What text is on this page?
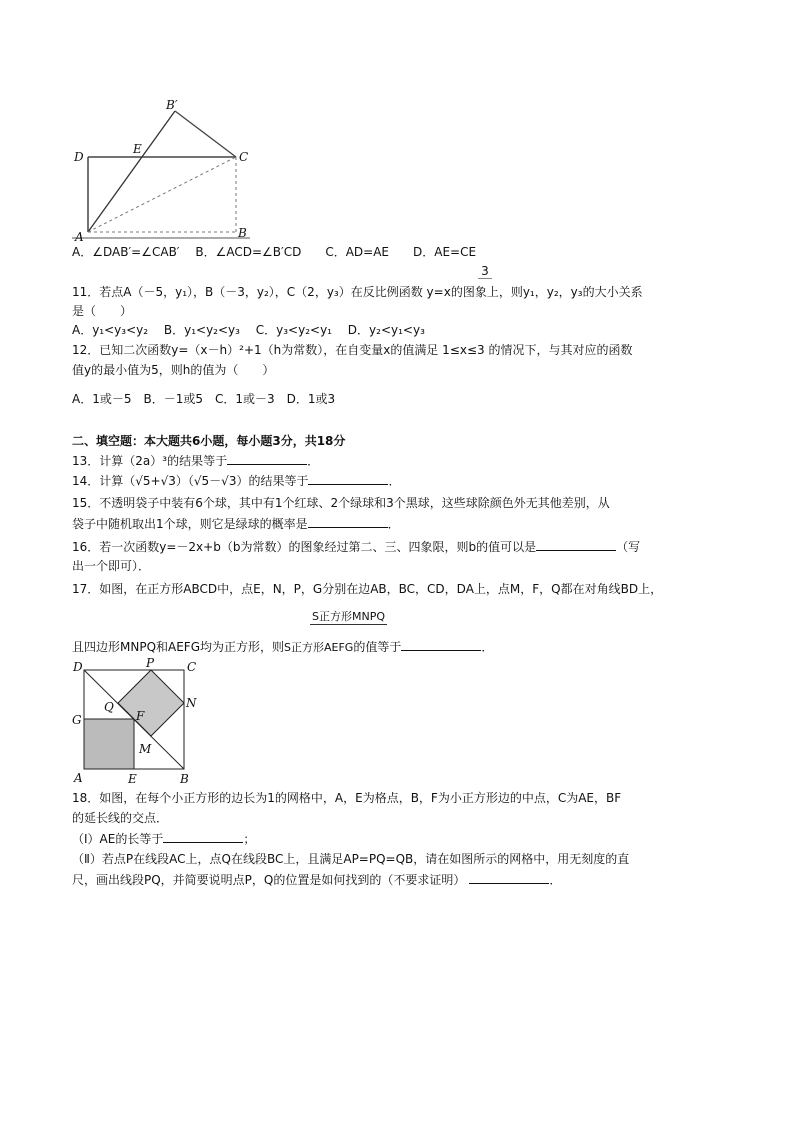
A	B
C
D
E
B′
A．∠DAB′=∠CAB′　 B．∠ACD=∠B′CD　　C．AD=AE　　D．AE=CE
3
11．若点A（－5，y₁），B（－3，y₂），C（2，y₃）在反比例函数 y=x的图象上，则y₁，y₂，y₃的大小关系
是（　　）
A．y₁<y₃<y₂　 B．y₁<y₂<y₃　 C．y₃<y₂<y₁　 D．y₂<y₁<y₃
12．已知二次函数y=（x－h）²+1（h为常数），在自变量x的值满足 1≤x≤3 的情况下，与其对应的函数
值y的最小值为5，则h的值为（　　）
A．1或－5　B．－1或5　C．1或－3　D．1或3
二、填空题：本大题共6小题，每小题3分，共18分
13．计算（2a）³的结果等于	．
14．计算（√5+√3）（√5－√3）的结果等于	．
15．不透明袋子中装有6个球，其中有1个红球、2个绿球和3个黑球，这些球除颜色外无其他差别，从
袋子中随机取出1个球，则它是绿球的概率是	．
16．若一次函数y=－2x+b（b为常数）的图象经过第二、三、四象限，则b的值可以是	（写
出一个即可）．
17．如图，在正方形ABCD中，点E，N，P，G分别在边AB，BC，CD，DA上，点M，F，Q都在对角线BD上，
S正方形MNPQ
且四边形MNPQ和AEFG均为正方形，则S正方形AEFG的值等于	．
D	P	C
Q
F
N
G
M
A	E	B
18．如图，在每个小正方形的边长为1的网格中，A，E为格点，B，F为小正方形边的中点，C为AE，BF
的延长线的交点．
（Ⅰ）AE的长等于	；
（Ⅱ）若点P在线段AC上，点Q在线段BC上，且满足AP=PQ=QB，请在如图所示的网格中，用无刻度的直
尺，画出线段PQ，并简要说明点P，Q的位置是如何找到的（不要求证明）	．
